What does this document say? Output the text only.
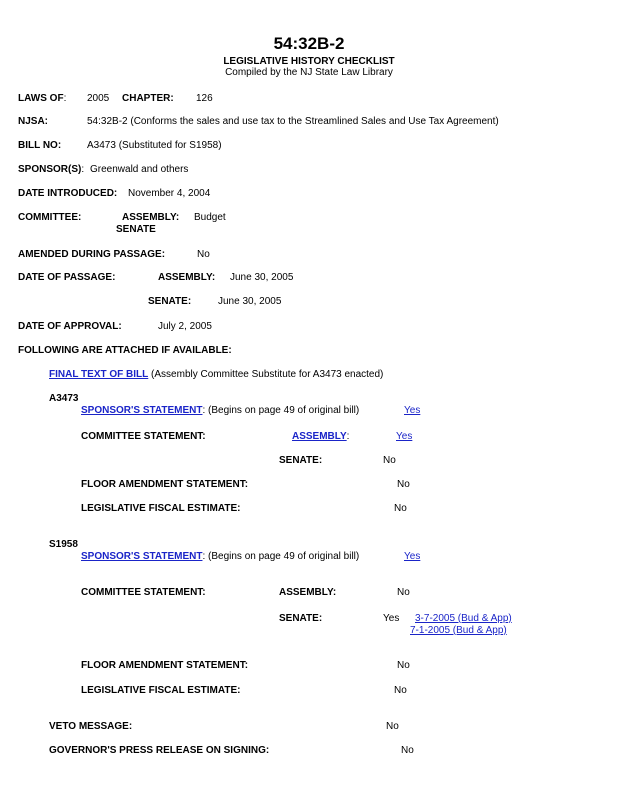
54:32B-2
LEGISLATIVE HISTORY CHECKLIST
Compiled by the NJ State Law Library
LAWS OF: 2005 CHAPTER: 126
NJSA:	54:32B-2 (Conforms the sales and use tax to the Streamlined Sales and Use Tax Agreement)
BILL NO:	A3473 (Substituted for S1958)
SPONSOR(S): Greenwald and others
DATE INTRODUCED: November 4, 2004
COMMITTEE:	ASSEMBLY: Budget
SENATE
AMENDED DURING PASSAGE:	No
DATE OF PASSAGE:	ASSEMBLY: June 30, 2005
SENATE:	June 30, 2005
DATE OF APPROVAL:	July 2, 2005
FOLLOWING ARE ATTACHED IF AVAILABLE:
FINAL TEXT OF BILL (Assembly Committee Substitute for A3473 enacted)
A3473
SPONSOR'S STATEMENT: (Begins on page 49 of original bill)	Yes
COMMITTEE STATEMENT:	ASSEMBLY:	Yes
SENATE:	No
FLOOR AMENDMENT STATEMENT:	No
LEGISLATIVE FISCAL ESTIMATE:	No
S1958
SPONSOR'S STATEMENT: (Begins on page 49 of original bill)	Yes
COMMITTEE STATEMENT:	ASSEMBLY:	No
SENATE:	Yes 3-7-2005 (Bud & App)
7-1-2005 (Bud & App)
FLOOR AMENDMENT STATEMENT:	No
LEGISLATIVE FISCAL ESTIMATE:	No
VETO MESSAGE:	No
GOVERNOR'S PRESS RELEASE ON SIGNING:	No
